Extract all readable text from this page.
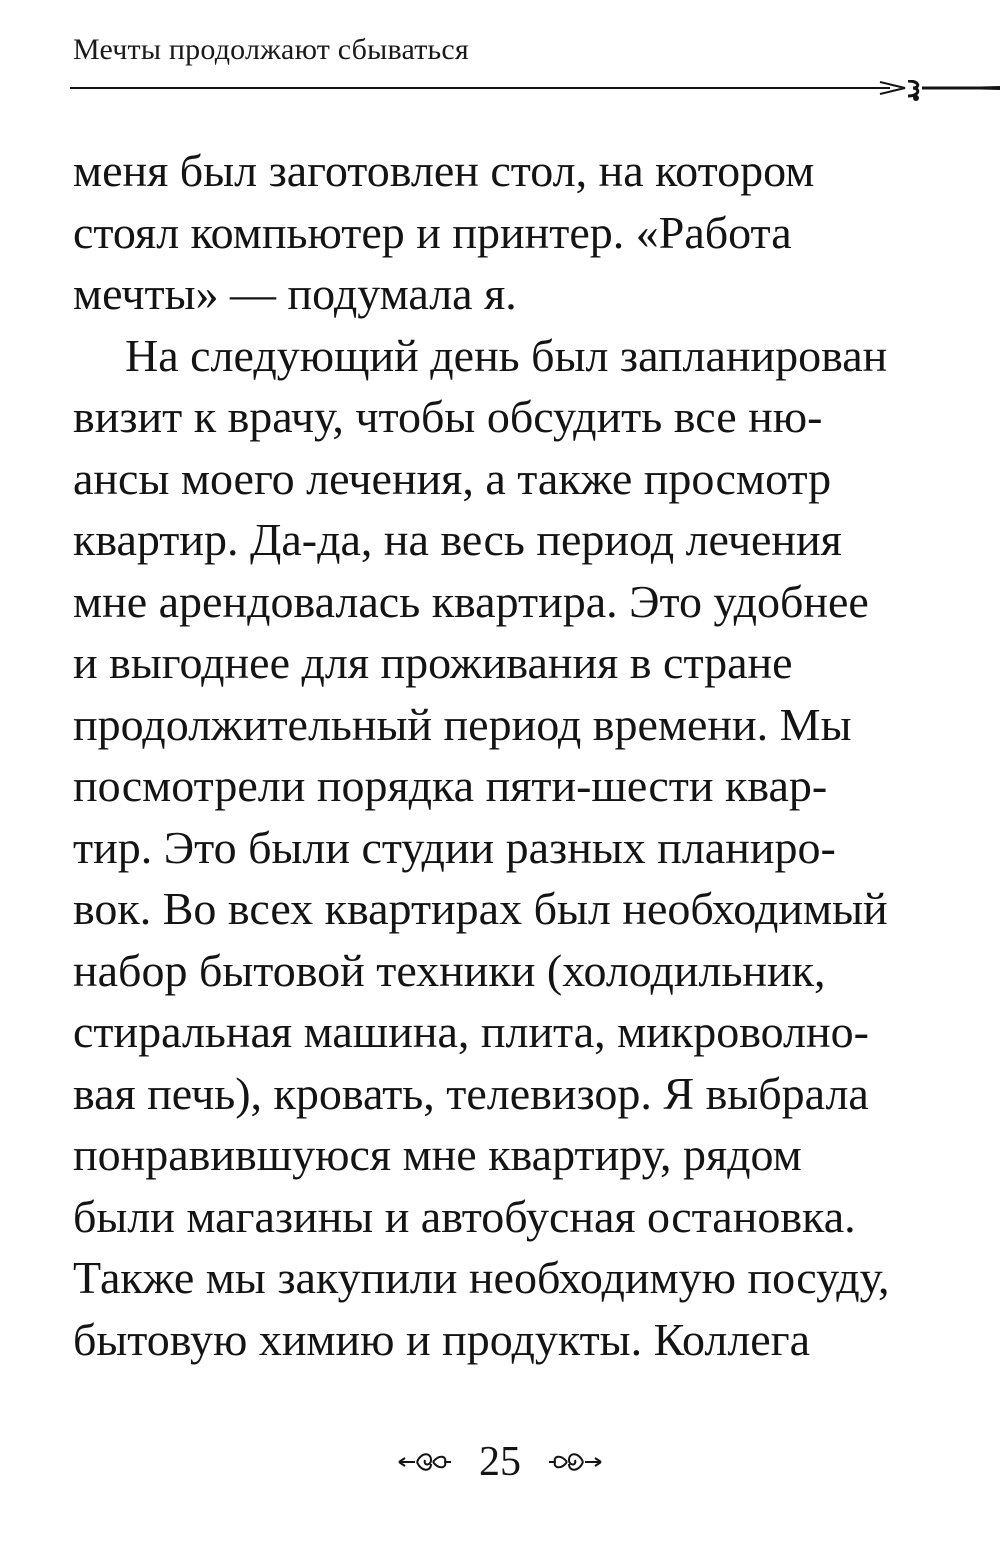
Мечты продолжают сбываться
меня был заготовлен стол, на котором
стоял компьютер и принтер. «Работа
мечты» — подумала я.
На следующий день был запланирован
визит к врачу, чтобы обсудить все ню-
ансы моего лечения, а также просмотр
квартир. Да-да, на весь период лечения
мне арендовалась квартира. Это удобнее
и выгоднее для проживания в стране
продолжительный период времени. Мы
посмотрели порядка пяти-шести квар-
тир. Это были студии разных планиро-
вок. Во всех квартирах был необходимый
набор бытовой техники (холодильник,
стиральная машина, плита, микроволно-
вая печь), кровать, телевизор. Я выбрала
понравившуюся мне квартиру, рядом
были магазины и автобусная остановка.
Также мы закупили необходимую посуду,
бытовую химию и продукты. Коллега
25
